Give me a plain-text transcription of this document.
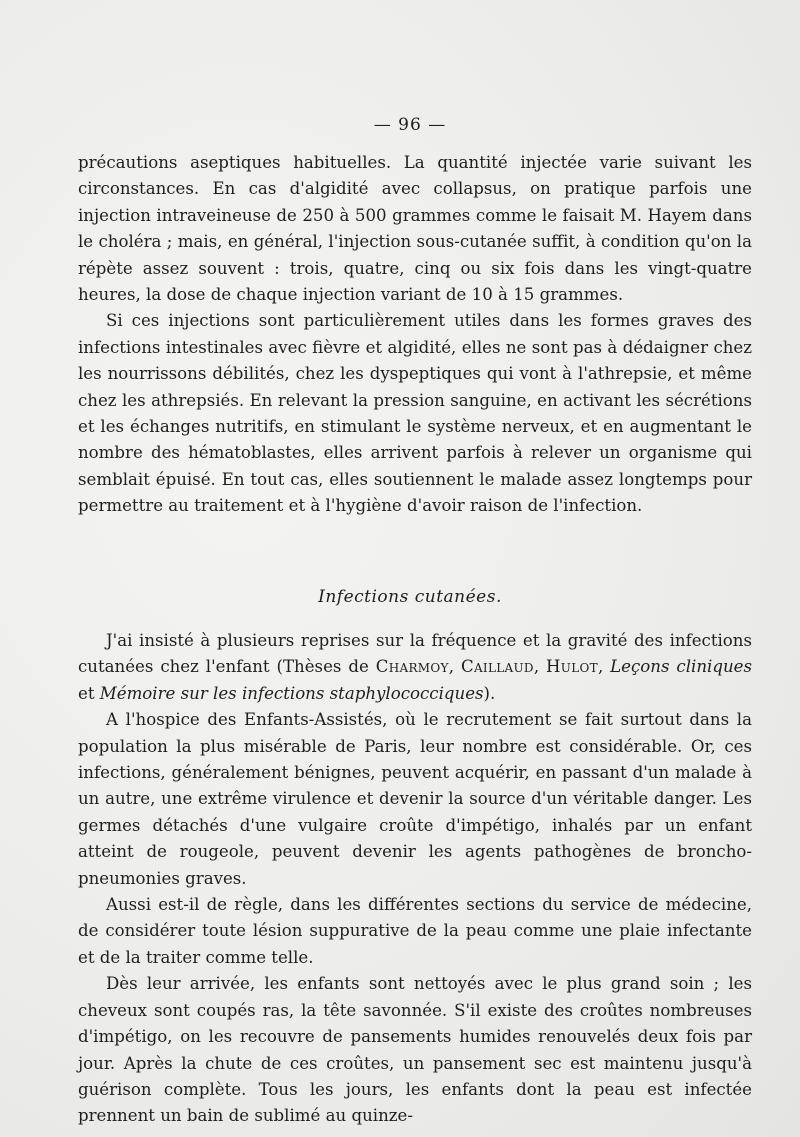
— 96 —

précautions aseptiques habituelles. La quantité injectée varie suivant les circonstances. En cas d'algidité avec collapsus, on pratique parfois une injection intraveineuse de 250 à 500 grammes comme le faisait M. Hayem dans le choléra ; mais, en général, l'injection sous-cutanée suffit, à condition qu'on la répète assez souvent : trois, quatre, cinq ou six fois dans les vingt-quatre heures, la dose de chaque injection variant de 10 à 15 grammes.

Si ces injections sont particulièrement utiles dans les formes graves des infections intestinales avec fièvre et algidité, elles ne sont pas à dédaigner chez les nourrissons débilités, chez les dyspeptiques qui vont à l'athrepsie, et même chez les athrepsiés. En relevant la pression sanguine, en activant les sécrétions et les échanges nutritifs, en stimulant le système nerveux, et en augmentant le nombre des hématoblastes, elles arrivent parfois à relever un organisme qui semblait épuisé. En tout cas, elles soutiennent le malade assez longtemps pour permettre au traitement et à l'hygiène d'avoir raison de l'infection.

Infections cutanées.

J'ai insisté à plusieurs reprises sur la fréquence et la gravité des infections cutanées chez l'enfant (Thèses de Charmoy, Caillaud, Hulot, Leçons cliniques et Mémoire sur les infections staphylococciques).

A l'hospice des Enfants-Assistés, où le recrutement se fait surtout dans la population la plus misérable de Paris, leur nombre est considérable. Or, ces infections, généralement bénignes, peuvent acquérir, en passant d'un malade à un autre, une extrême virulence et devenir la source d'un véritable danger. Les germes détachés d'une vulgaire croûte d'impétigo, inhalés par un enfant atteint de rougeole, peuvent devenir les agents pathogènes de broncho-pneumonies graves.

Aussi est-il de règle, dans les différentes sections du service de médecine, de considérer toute lésion suppurative de la peau comme une plaie infectante et de la traiter comme telle.

Dès leur arrivée, les enfants sont nettoyés avec le plus grand soin ; les cheveux sont coupés ras, la tête savonnée. S'il existe des croûtes nombreuses d'impétigo, on les recouvre de pansements humides renouvelés deux fois par jour. Après la chute de ces croûtes, un pansement sec est maintenu jusqu'à guérison complète. Tous les jours, les enfants dont la peau est infectée prennent un bain de sublimé au quinze-
